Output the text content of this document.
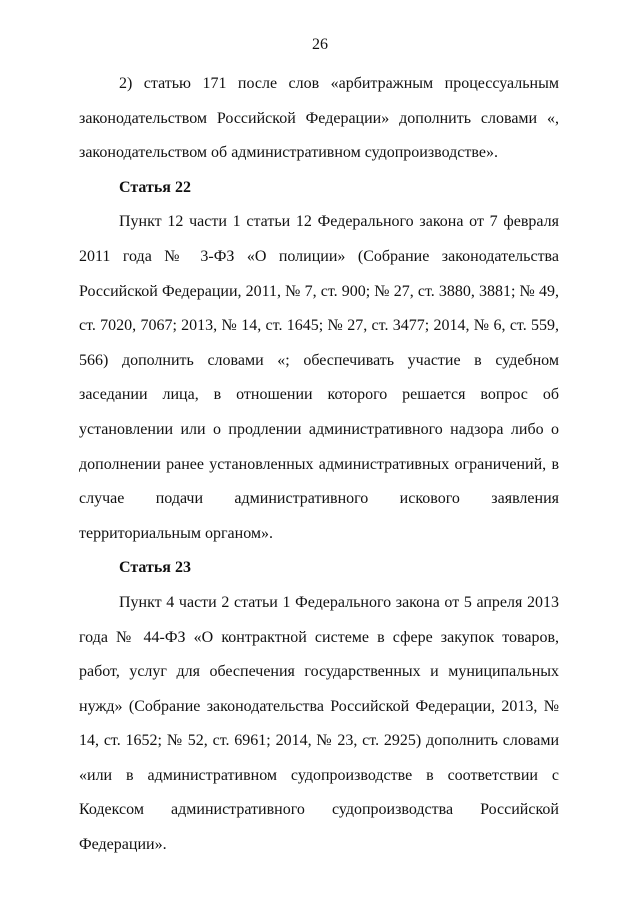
26

2) статью 171 после слов «арбитражным процессуальным законодательством Российской Федерации» дополнить словами «, законодательством об административном судопроизводстве».

Статья 22

Пункт 12 части 1 статьи 12 Федерального закона от 7 февраля 2011 года № 3-ФЗ «О полиции» (Собрание законодательства Российской Федерации, 2011, № 7, ст. 900; № 27, ст. 3880, 3881; № 49, ст. 7020, 7067; 2013, № 14, ст. 1645; № 27, ст. 3477; 2014, № 6, ст. 559, 566) дополнить словами «; обеспечивать участие в судебном заседании лица, в отношении которого решается вопрос об установлении или о продлении административного надзора либо о дополнении ранее установленных административных ограничений, в случае подачи административного искового заявления территориальным органом».

Статья 23

Пункт 4 части 2 статьи 1 Федерального закона от 5 апреля 2013 года № 44-ФЗ «О контрактной системе в сфере закупок товаров, работ, услуг для обеспечения государственных и муниципальных нужд» (Собрание законодательства Российской Федерации, 2013, № 14, ст. 1652; № 52, ст. 6961; 2014, № 23, ст. 2925) дополнить словами «или в административном судопроизводстве в соответствии с Кодексом административного судопроизводства Российской Федерации».
